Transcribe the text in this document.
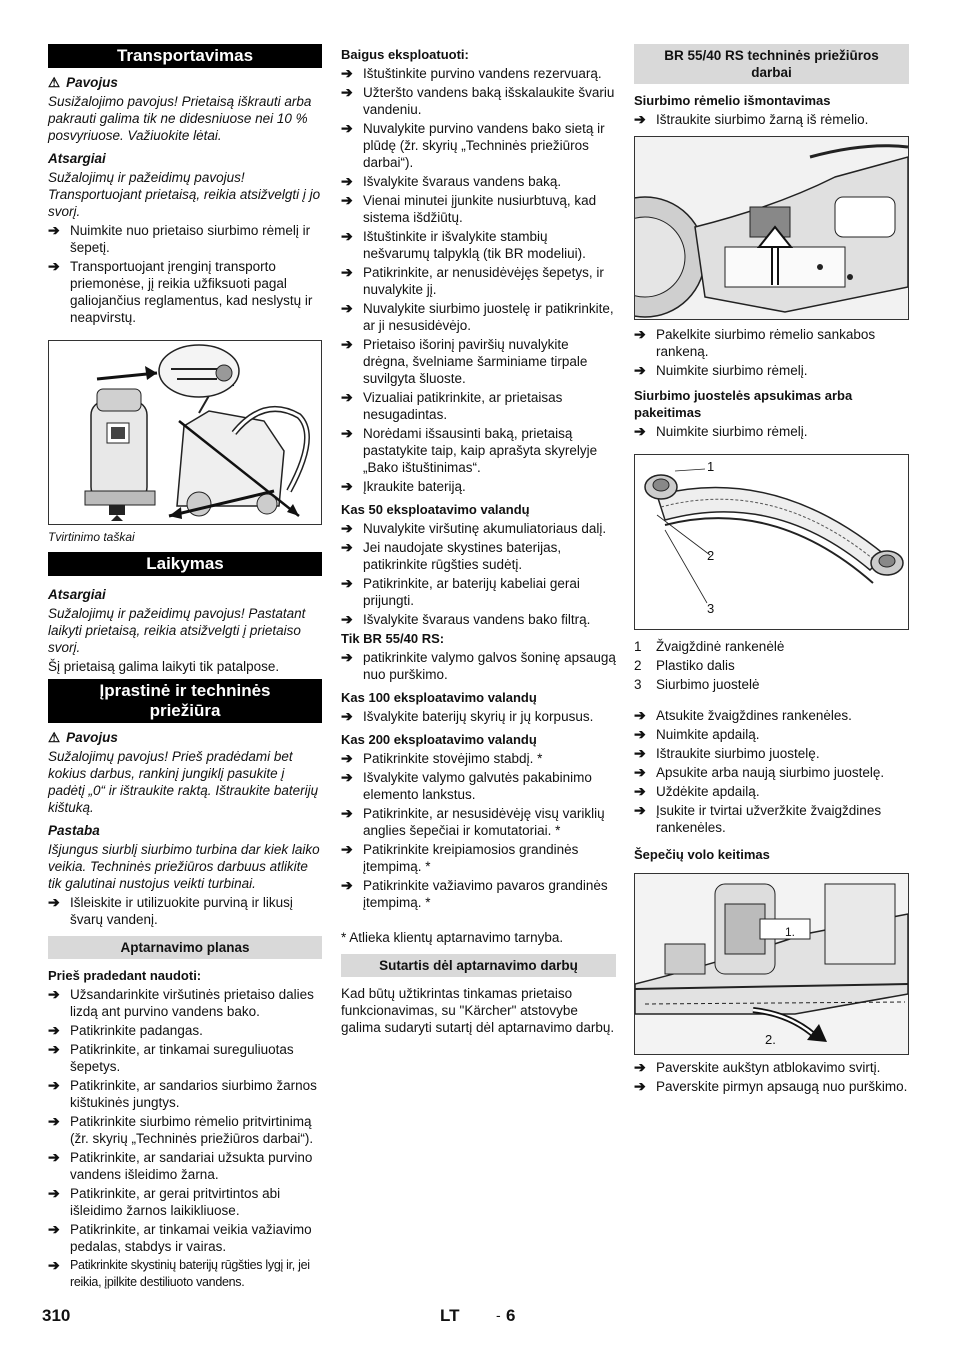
Transportavimas
⚠ Pavojus

Susižalojimo pavojus! Prietaisą iškrauti arba pakrauti galima tik ne didesniuose nei 10 % posvyriuose. Važiuokite lėtai.

Atsargiai

Sužalojimų ir pažeidimų pavojus! Transportuojant prietaisą, reikia atsižvelgti į jo svorį.

➔ Nuimkite nuo prietaiso siurbimo rėmelį ir šepetį.
➔ Transportuojant įrenginį transporto priemonėse, jį reikia užfiksuoti pagal galiojančius reglamentus, kad neslystų ir neapvirstų.
Tvirtinimo taškai
Laikymas
Atsargiai

Sužalojimų ir pažeidimų pavojus! Pastatant laikyti prietaisą, reikia atsižvelgti į prietaiso svorį.

Šį prietaisą galima laikyti tik patalpose.

Įprastinė ir techninės
priežiūra
⚠ Pavojus

Sužalojimų pavojus! Prieš pradėdami bet kokius darbus, rankinį jungiklį pasukite į padėtį „0“ ir ištraukite raktą. Ištraukite baterijų kištuką.

Pastaba

Išjungus siurblį siurbimo turbina dar kiek laiko veikia. Techninės priežiūros darbuus atlikite tik galutinai nustojus veikti turbinai.

➔ Išleiskite ir utilizuokite purviną ir likusį švarų vandenį.
Aptarnavimo planas
Prieš pradedant naudoti:
➔ Užsandarinkite viršutinės prietaiso dalies lizdą ant purvino vandens bako.
➔ Patikrinkite padangas.
➔ Patikrinkite, ar tinkamai sureguliuotas šepetys.
➔ Patikrinkite, ar sandarios siurbimo žarnos kištukinės jungtys.
➔ Patikrinkite siurbimo rėmelio pritvirtinimą (žr. skyrių „Techninės priežiūros darbai“).
➔ Patikrinkite, ar sandariai užsukta purvino vandens išleidimo žarna.
➔ Patikrinkite, ar gerai pritvirtintos abi išleidimo žarnos laikikliuose.
➔ Patikrinkite, ar tinkamai veikia važiavimo pedalas, stabdys ir vairas.
➔ Patikrinkite skystinių baterijų rūgšties lygį ir, jei reikia, įpilkite destiliuoto vandens.
Baigus eksploatuoti:
➔ Ištuštinkite purvino vandens rezervuarą.
➔ Užteršto vandens baką išskalaukite švariu vandeniu.
➔ Nuvalykite purvino vandens bako sietą ir plūdę (žr. skyrių „Techninės priežiūros darbai“).
➔ Išvalykite švaraus vandens baką.
➔ Vienai minutei įjunkite nusiurbtuvą, kad sistema išdžiūtų.
➔ Ištuštinkite ir išvalykite stambių nešvarumų talpyklą (tik BR modeliui).
➔ Patikrinkite, ar nenusidėvėjęs šepetys, ir nuvalykite jį.
➔ Nuvalykite siurbimo juostelę ir patikrinkite, ar ji nesusidėvėjo.
➔ Prietaiso išorinį paviršių nuvalykite drėgna, švelniame šarminiame tirpale suvilgyta šluoste.
➔ Vizualiai patikrinkite, ar prietaisas nesugadintas.
➔ Norėdami išsausinti baką, prietaisą pastatykite taip, kaip aprašyta skyrelyje „Bako ištuštinimas“.
➔ Įkraukite bateriją.
Kas 50 eksploatavimo valandų
➔ Nuvalykite viršutinę akumuliatoriaus dalį.
➔ Jei naudojate skystines baterijas, patikrinkite rūgšties sudėtį.
➔ Patikrinkite, ar baterijų kabeliai gerai prijungti.
➔ Išvalykite švaraus vandens bako filtrą.
Tik BR 55/40 RS:
➔ patikrinkite valymo galvos šoninę apsaugą nuo purškimo.
Kas 100 eksploatavimo valandų
➔ Išvalykite baterijų skyrių ir jų korpusus.
Kas 200 eksploatavimo valandų
➔ Patikrinkite stovėjimo stabdį. *
➔ Išvalykite valymo galvutės pakabinimo elemento lankstus.
➔ Patikrinkite, ar nesusidėvėję visų variklių anglies šepečiai ir komutatoriai. *
➔ Patikrinkite kreipiamosios grandinės įtempimą. *
➔ Patikrinkite važiavimo pavaros grandinės įtempimą. *

* Atlieka klientų aptarnavimo tarnyba.

Sutartis dėl aptarnavimo darbų

Kad būtų užtikrintas tinkamas prietaiso funkcionavimas, su "Kärcher" atstovybe galima sudaryti sutartį dėl aptarnavimo darbų.

BR 55/40 RS techninės priežiūros
darbai
Siurbimo rėmelio išmontavimas
➔ Ištraukite siurbimo žarną iš rėmelio.
➔ Pakelkite siurbimo rėmelio sankabos rankeną.
➔ Nuimkite siurbimo rėmelį.
Siurbimo juostelės apsukimas arba pakeitimas
➔ Nuimkite siurbimo rėmelį.
1
2
3
1	Žvaigždinė rankenėlė
2	Plastiko dalis
3	Siurbimo juostelė
➔ Atsukite žvaigždines rankenėles.
➔ Nuimkite apdailą.
➔ Ištraukite siurbimo juostelę.
➔ Apsukite arba naują siurbimo juostelę.
➔ Uždėkite apdailą.
➔ Įsukite ir tvirtai užveržkite žvaigždines rankenėles.
Šepečių volo keitimas
1.
2.
➔ Paverskite aukštyn atblokavimo svirtį.
➔ Paverskite pirmyn apsaugą nuo purškimo.
310	LT	- 6
